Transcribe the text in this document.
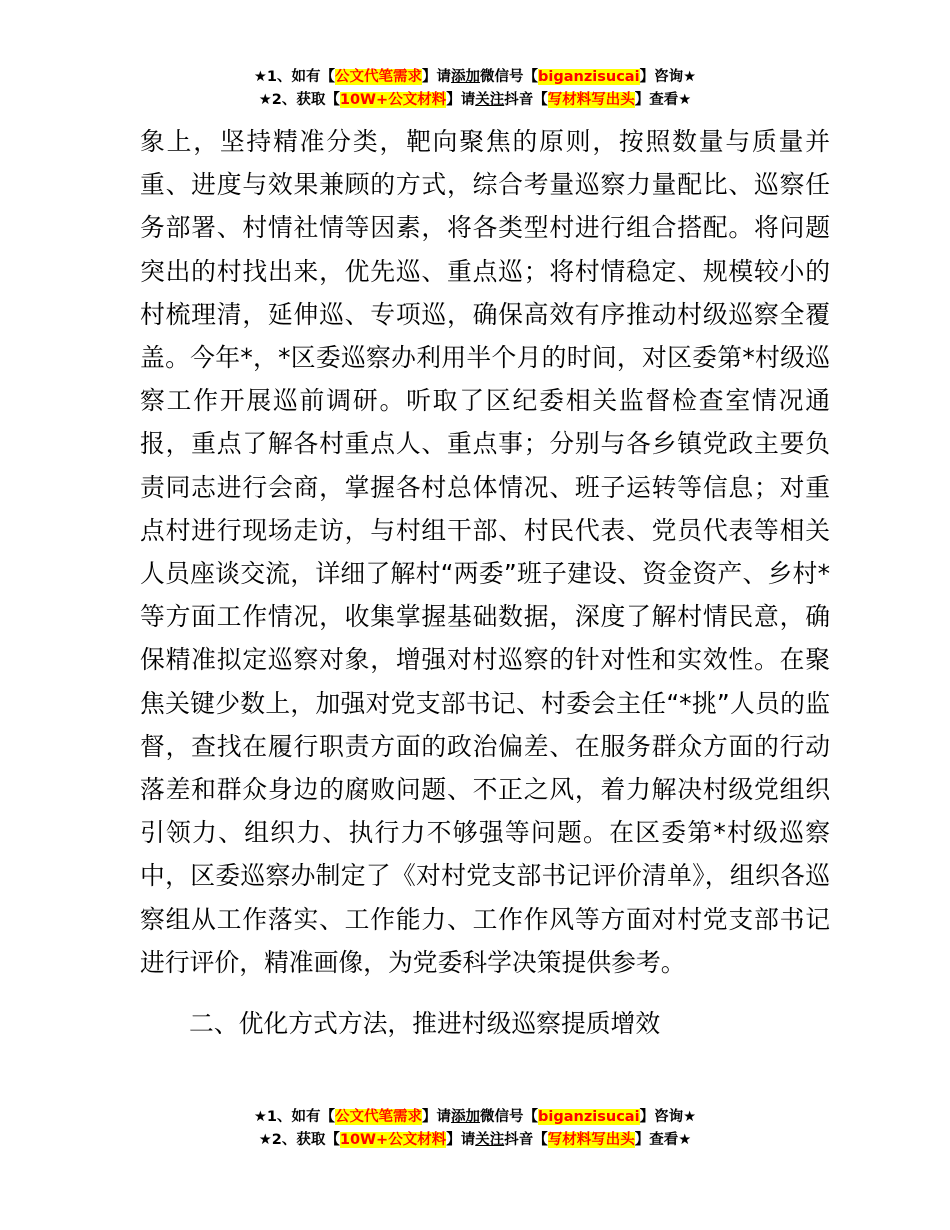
★1、如有【公文代笔需求】请添加微信号【biganzisucai】咨询★
★2、获取【10W+公文材料】请关注抖音【写材料写出头】查看★

象上，坚持精准分类，靶向聚焦的原则，按照数量与质量并重、进度与效果兼顾的方式，综合考量巡察力量配比、巡察任务部署、村情社情等因素，将各类型村进行组合搭配。将问题突出的村找出来，优先巡、重点巡；将村情稳定、规模较小的村梳理清，延伸巡、专项巡，确保高效有序推动村级巡察全覆盖。今年*，*区委巡察办利用半个月的时间，对区委第*村级巡察工作开展巡前调研。听取了区纪委相关监督检查室情况通报，重点了解各村重点人、重点事；分别与各乡镇党政主要负责同志进行会商，掌握各村总体情况、班子运转等信息；对重点村进行现场走访，与村组干部、村民代表、党员代表等相关人员座谈交流，详细了解村“两委”班子建设、资金资产、乡村*等方面工作情况，收集掌握基础数据，深度了解村情民意，确保精准拟定巡察对象，增强对村巡察的针对性和实效性。在聚焦关键少数上，加强对党支部书记、村委会主任“*挑”人员的监督，查找在履行职责方面的政治偏差、在服务群众方面的行动落差和群众身边的腐败问题、不正之风，着力解决村级党组织引领力、组织力、执行力不够强等问题。在区委第*村级巡察中，区委巡察办制定了《对村党支部书记评价清单》，组织各巡察组从工作落实、工作能力、工作作风等方面对村党支部书记进行评价，精准画像，为党委科学决策提供参考。

二、优化方式方法，推进村级巡察提质增效

★1、如有【公文代笔需求】请添加微信号【biganzisucai】咨询★
★2、获取【10W+公文材料】请关注抖音【写材料写出头】查看★
